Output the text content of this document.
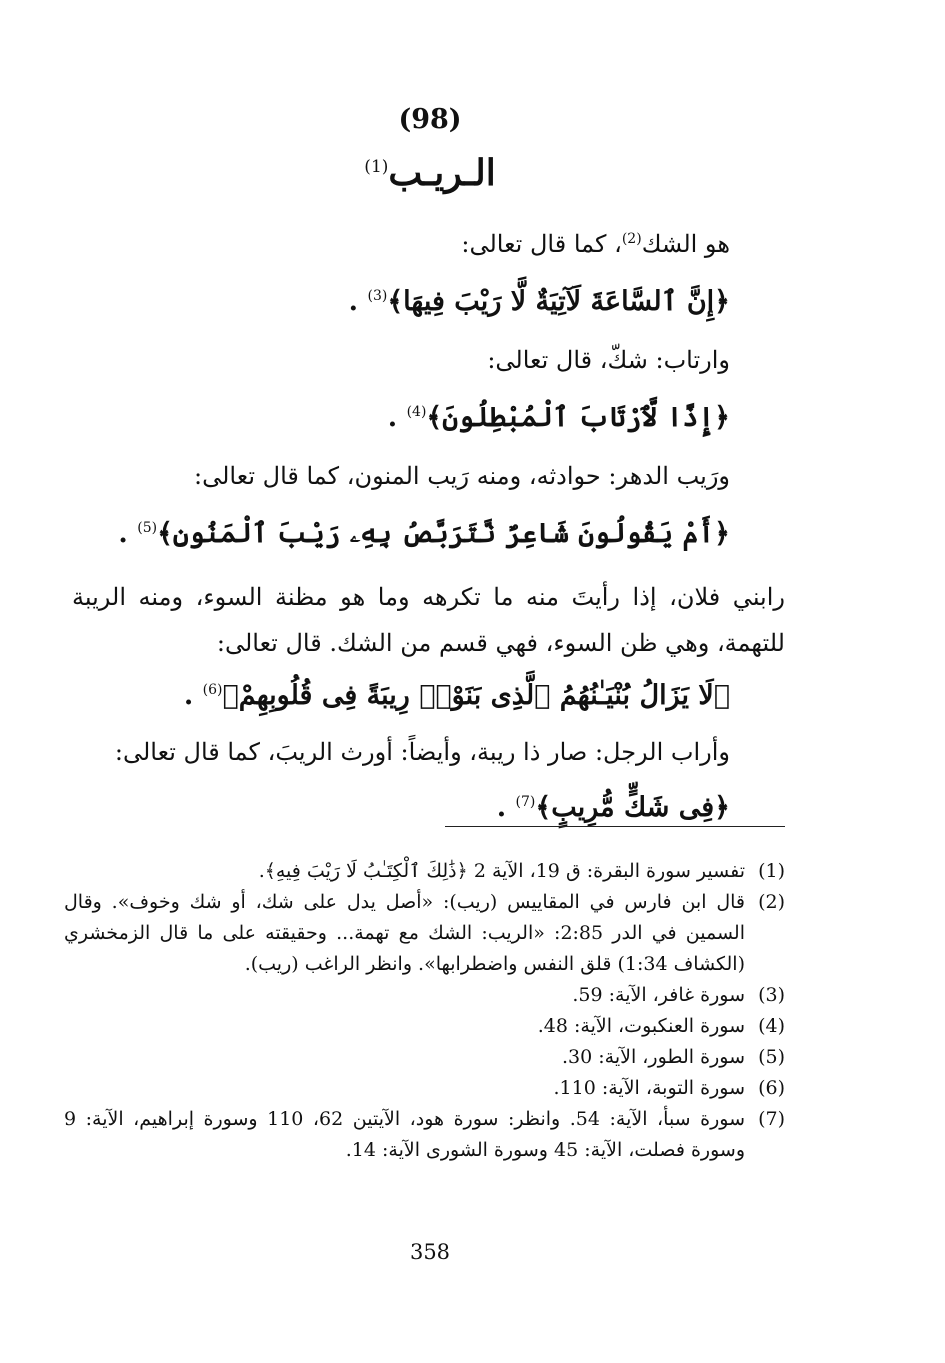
(98)
الـريـب$^{(1)}$
هو الشك$^{(2)}$، كما قال تعالى:
﴿إِنَّ ٱلسَّاعَةَ لَآتِيَةٌ لَّا رَيْبَ فِيهَا﴾$^{(3)}$ .
وارتاب: شكّ، قال تعالى:
﴿إِذًا لَّٱرْتَابَ ٱلْمُبْطِلُونَ﴾$^{(4)}$ .
ورَيب الدهر: حوادثه، ومنه رَيب المنون، كما قال تعالى:
﴿أَمْ يَقُولُونَ شَاعِرٌ نَّتَرَبَّصُ بِهِۦ رَيْبَ ٱلْمَنُونِ﴾$^{(5)}$ .
رابني فلان، إذا رأيتَ منه ما تكرهه وما هو مظنة السوء، ومنه الريبة للتهمة، وهي ظن السوء، فهي قسم من الشك. قال تعالى:
﴿لَا يَزَالُ بُنْيَـٰنُهُمُ ٱلَّذِى بَنَوْا۟ رِيبَةً فِى قُلُوبِهِمْ﴾$^{(6)}$ .
وأراب الرجل: صار ذا ريبة، وأيضاً: أورث الريبَ، كما قال تعالى:
﴿فِى شَكٍّ مُّرِيبٍ﴾$^{(7)}$ .
(1)
تفسير سورة البقرة: ق 19، الآية 2 ﴿ذَٰلِكَ ٱلْكِتَـٰبُ لَا رَيْبَ فِيهِ﴾.
(2)
قال ابن فارس في المقاييس (ريب): «أصل يدل على شك، أو شك وخوف». وقال السمين في الدر 2:85: «الريب: الشك مع تهمة... وحقيقته على ما قال الزمخشري (الكشاف 1:34) قلق النفس واضطرابها». وانظر الراغب (ريب).
(3)
سورة غافر، الآية: 59.
(4)
سورة العنكبوت، الآية: 48.
(5)
سورة الطور، الآية: 30.
(6)
سورة التوبة، الآية: 110.
(7)
سورة سبأ، الآية: 54. وانظر: سورة هود، الآيتين 62، 110 وسورة إبراهيم، الآية: 9 وسورة فصلت، الآية: 45 وسورة الشورى الآية: 14.
358
